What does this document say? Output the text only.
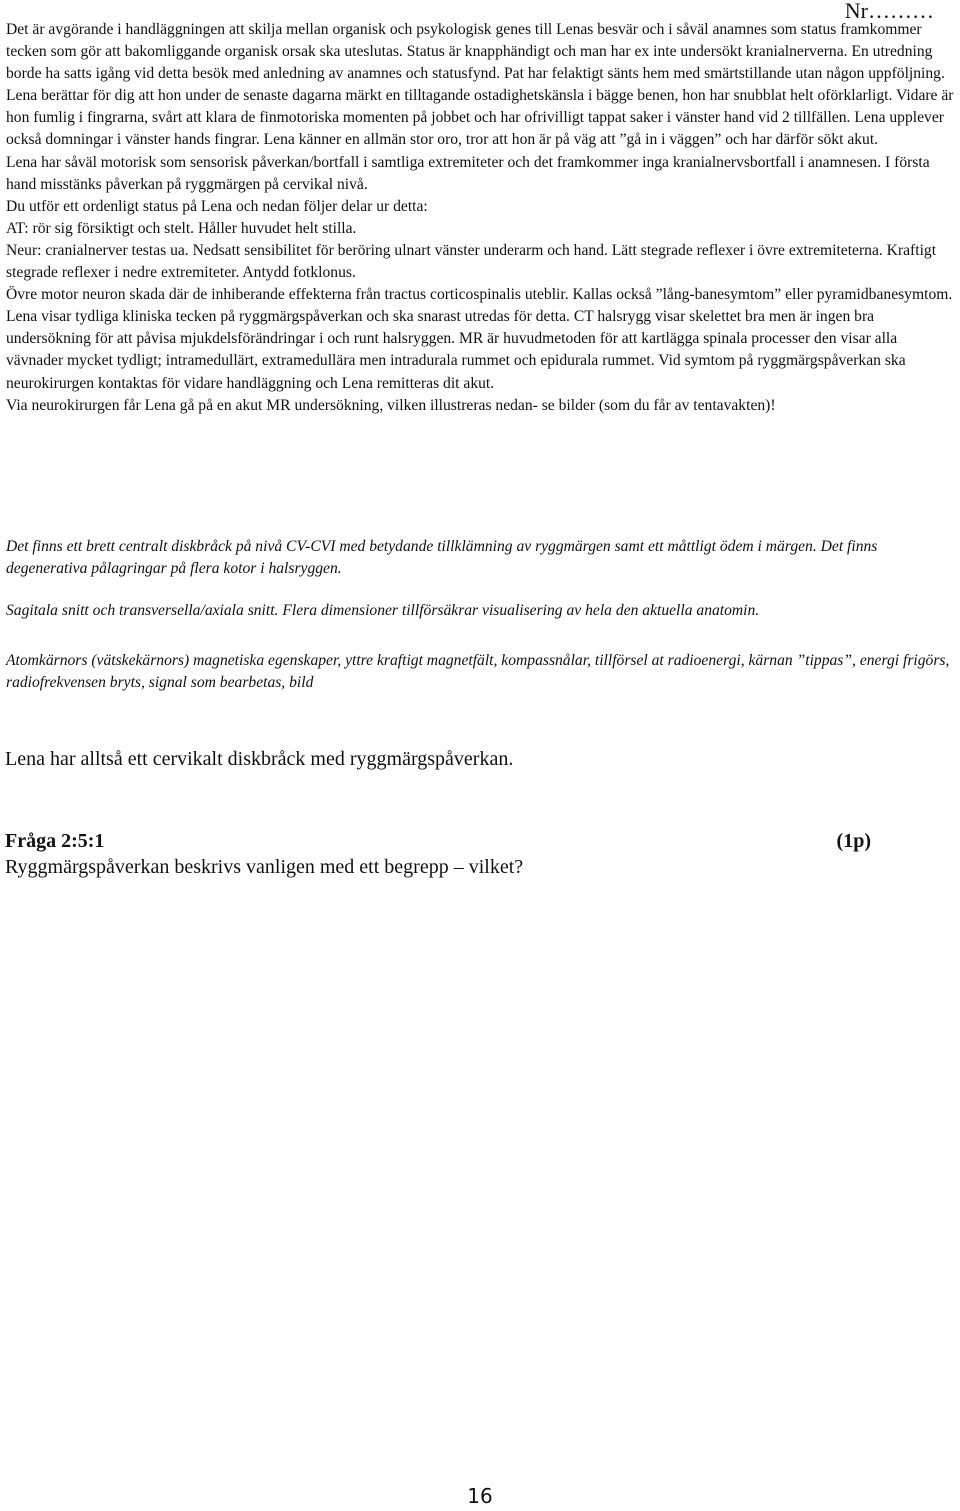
Nr………

Det är avgörande i handläggningen att skilja mellan organisk och psykologisk genes till Lenas besvär och i såväl anamnes som status framkommer tecken som gör att bakomliggande organisk orsak ska uteslutas. Status är knapphändigt och man har ex inte undersökt kranialnerverna. En utredning borde ha satts igång vid detta besök med anledning av anamnes och statusfynd. Pat har felaktigt sänts hem med smärtstillande utan någon uppföljning. Lena berättar för dig att hon under de senaste dagarna märkt en tilltagande ostadighetskänsla i bägge benen, hon har snubblat helt oförklarligt. Vidare är hon fumlig i fingrarna, svårt att klara de finmotoriska momenten på jobbet och har ofrivilligt tappat saker i vänster hand vid 2 tillfällen. Lena upplever också domningar i vänster hands fingrar. Lena känner en allmän stor oro, tror att hon är på väg att ”gå in i väggen” och har därför sökt akut.

Lena har såväl motorisk som sensorisk påverkan/bortfall i samtliga extremiteter och det framkommer inga kranialnervsbortfall i anamnesen. I första hand misstänks påverkan på ryggmärgen på cervikal nivå.

Du utför ett ordenligt status på Lena och nedan följer delar ur detta:

AT: rör sig försiktigt och stelt. Håller huvudet helt stilla.

Neur: cranialnerver testas ua. Nedsatt sensibilitet för beröring ulnart vänster underarm och hand. Lätt stegrade reflexer i övre extremiteterna. Kraftigt stegrade reflexer i nedre extremiteter. Antydd fotklonus.

Övre motor neuron skada där de inhiberande effekterna från tractus corticospinalis uteblir. Kallas också ”lång-banesymtom” eller pyramidbanesymtom.

Lena visar tydliga kliniska tecken på ryggmärgspåverkan och ska snarast utredas för detta. CT halsrygg visar skelettet bra men är ingen bra undersökning för att påvisa mjukdelsförändringar i och runt halsryggen. MR är huvudmetoden för att kartlägga spinala processer den visar alla vävnader mycket tydligt; intramedullärt, extramedullära men intradurala rummet och epidurala rummet. Vid symtom på ryggmärgspåverkan ska neurokirurgen kontaktas för vidare handläggning och Lena remitteras dit akut.

Via neurokirurgen får Lena gå på en akut MR undersökning, vilken illustreras nedan- se bilder (som du får av tentavakten)!

Det finns ett brett centralt diskbråck på nivå CV-CVI med betydande tillklämning av ryggmärgen samt ett måttligt ödem i märgen. Det finns degenerativa pålagringar på flera kotor i halsryggen.

Sagitala snitt och transversella/axiala snitt. Flera dimensioner tillförsäkrar visualisering av hela den aktuella anatomin.

Atomkärnors (vätskekärnors) magnetiska egenskaper, yttre kraftigt magnetfält, kompassnålar, tillförsel at radioenergi, kärnan ”tippas”, energi frigörs, radiofrekvensen bryts, signal som bearbetas, bild

Lena har alltså ett cervikalt diskbråck med ryggmärgspåverkan.

Fråga 2:5:1	(1p)

Ryggmärgspåverkan beskrivs vanligen med ett begrepp – vilket?

16
